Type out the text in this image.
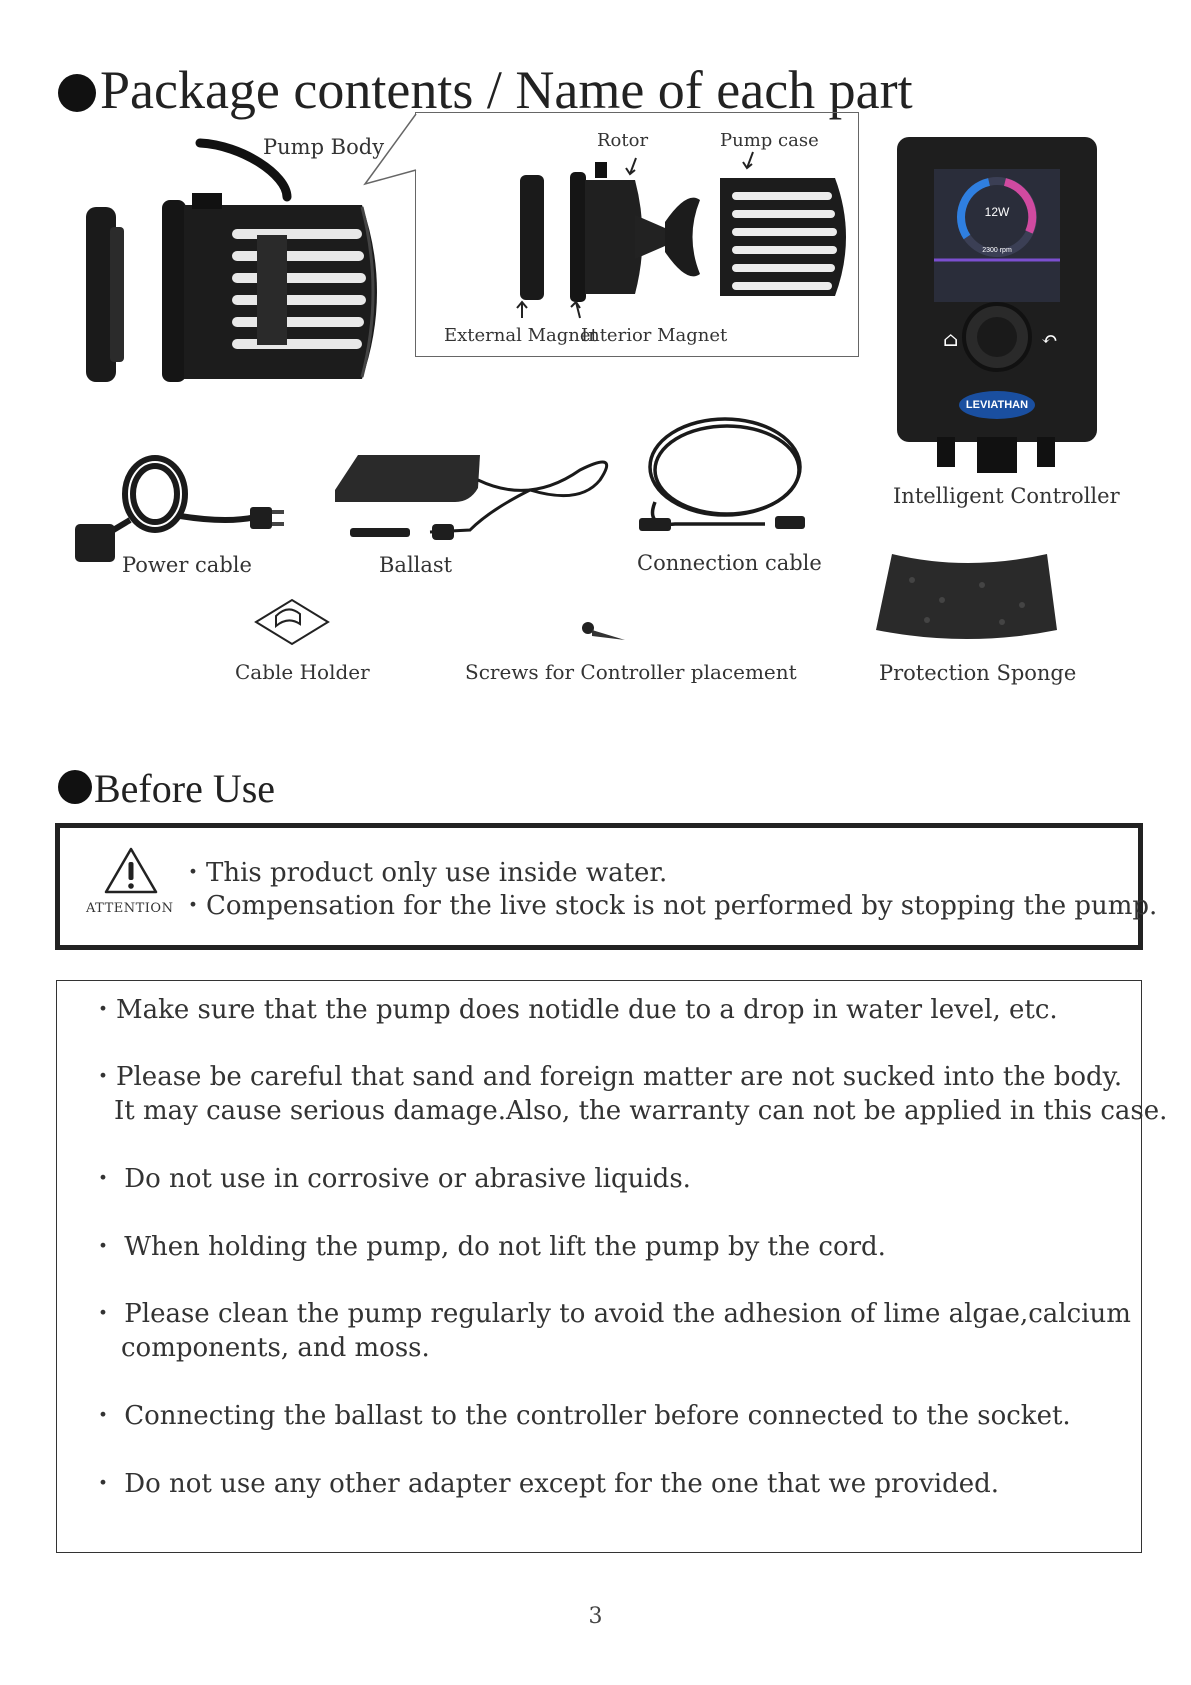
Package contents / Name of each part
Pump Body	Rotor	Pump case
External Magnet
Interior Magnet
12W
2300 rpm
⌂	↶
LEVIATHAN
Intelligent Controller
Power cable	Ballast	Connection cable
Protection Sponge
Cable Holder	Screws for Controller placement
Before Use
ATTENTION
・This product only use inside water.
・Compensation for the live stock is not performed by stopping the pump.
・Make sure that the pump does notidle due to a drop in water level, etc.
・Please be careful that sand and foreign matter are not sucked into the body.
It may cause serious damage.Also, the warranty can not be applied in this case.
・ Do not use in corrosive or abrasive liquids.
・ When holding the pump, do not lift the pump by the cord.
・ Please clean the pump regularly to avoid the adhesion of lime algae,calcium
components, and moss.
・ Connecting the ballast to the controller before connected to the socket.
・ Do not use any other adapter except for the one that we provided.
3
